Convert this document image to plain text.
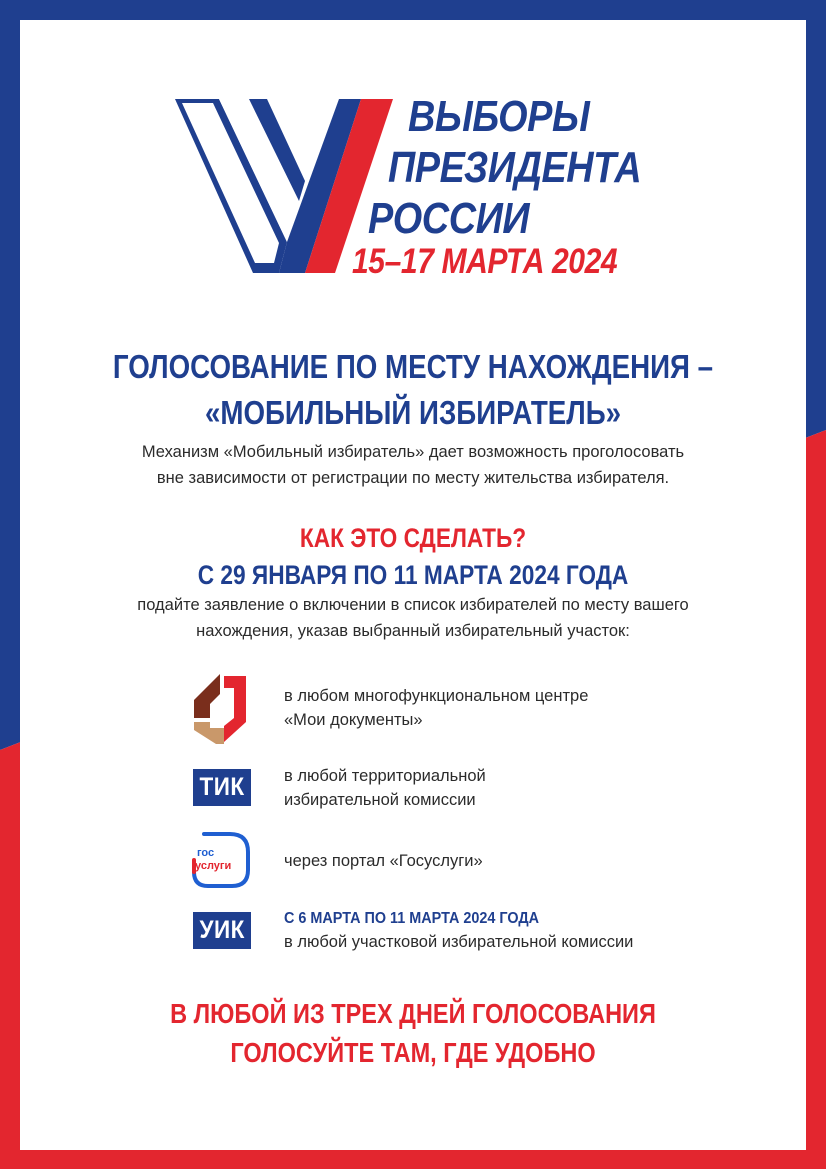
ВЫБОРЫ
ПРЕЗИДЕНТА
РОССИИ
15–17 МАРТА 2024
ГОЛОСОВАНИЕ ПО МЕСТУ НАХОЖДЕНИЯ –
«МОБИЛЬНЫЙ ИЗБИРАТЕЛЬ»
Механизм «Мобильный избиратель» дает возможность проголосовать
вне зависимости от регистрации по месту жительства избирателя.
КАК ЭТО СДЕЛАТЬ?
С 29 ЯНВАРЯ ПО 11 МАРТА 2024 ГОДА
подайте заявление о включении в список избирателей по месту вашего
нахождения, указав выбранный избирательный участок:
в любом многофункциональном центре
«Мои документы»
ТИК в любой территориальной
избирательной комиссии
гос
услуги	через портал «Госуслуги»
УИК С 6 МАРТА ПО 11 МАРТА 2024 ГОДА
в любой участковой избирательной комиссии
В ЛЮБОЙ ИЗ ТРЕХ ДНЕЙ ГОЛОСОВАНИЯ
ГОЛОСУЙТЕ ТАМ, ГДЕ УДОБНО
